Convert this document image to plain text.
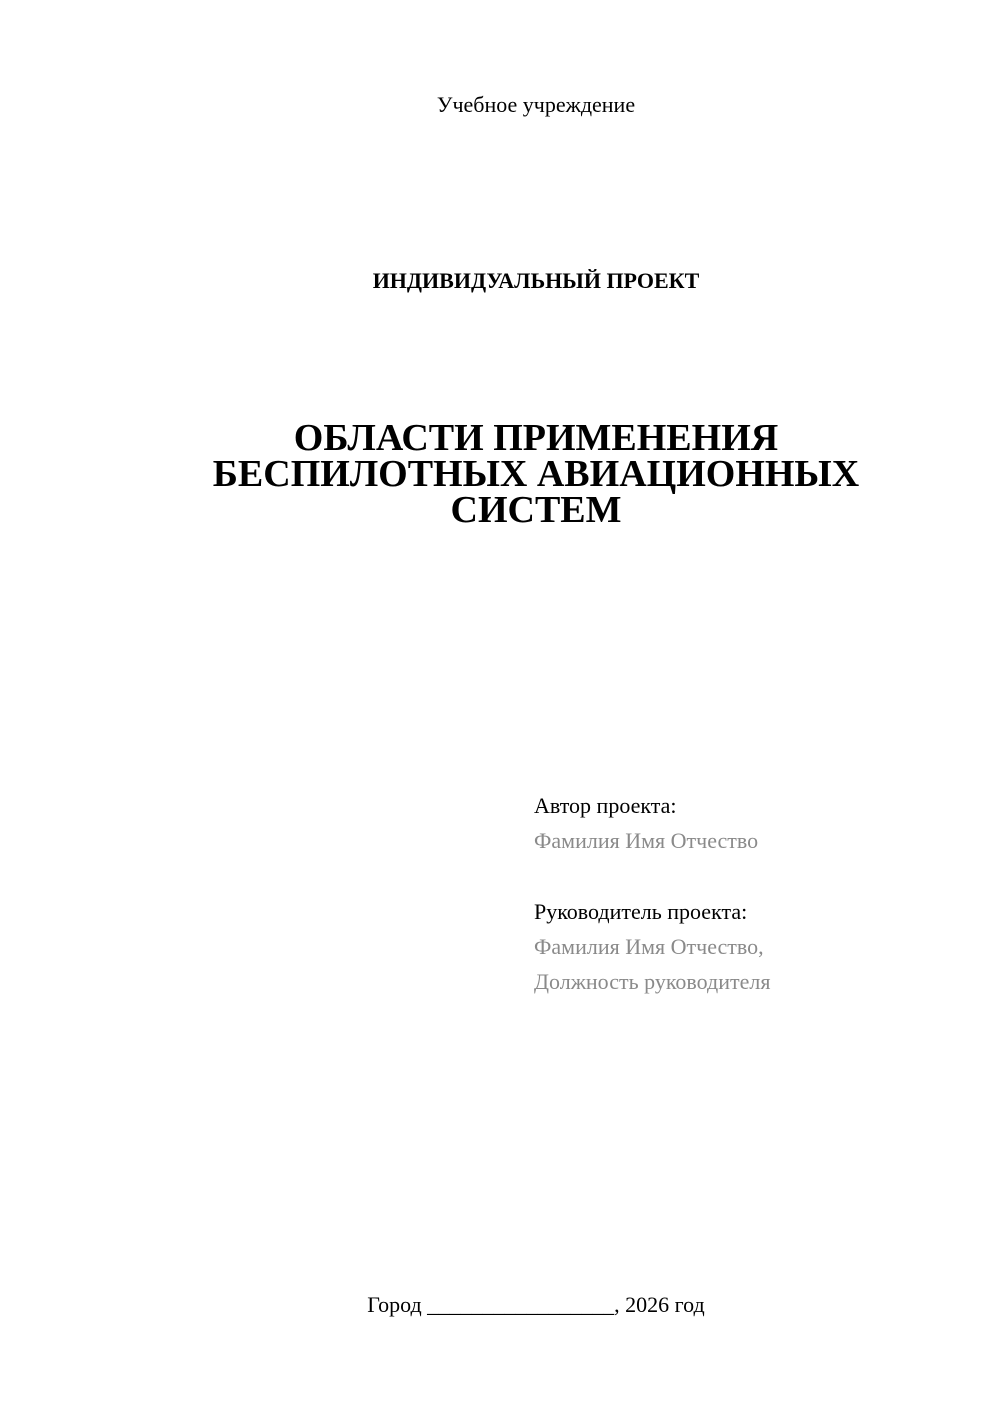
Учебное учреждение
ИНДИВИДУАЛЬНЫЙ ПРОЕКТ
ОБЛАСТИ ПРИМЕНЕНИЯ
БЕСПИЛОТНЫХ АВИАЦИОННЫХ
СИСТЕМ
Автор проекта:
Фамилия Имя Отчество
Руководитель проекта:
Фамилия Имя Отчество,
Должность руководителя
Город _________________, 2026 год
